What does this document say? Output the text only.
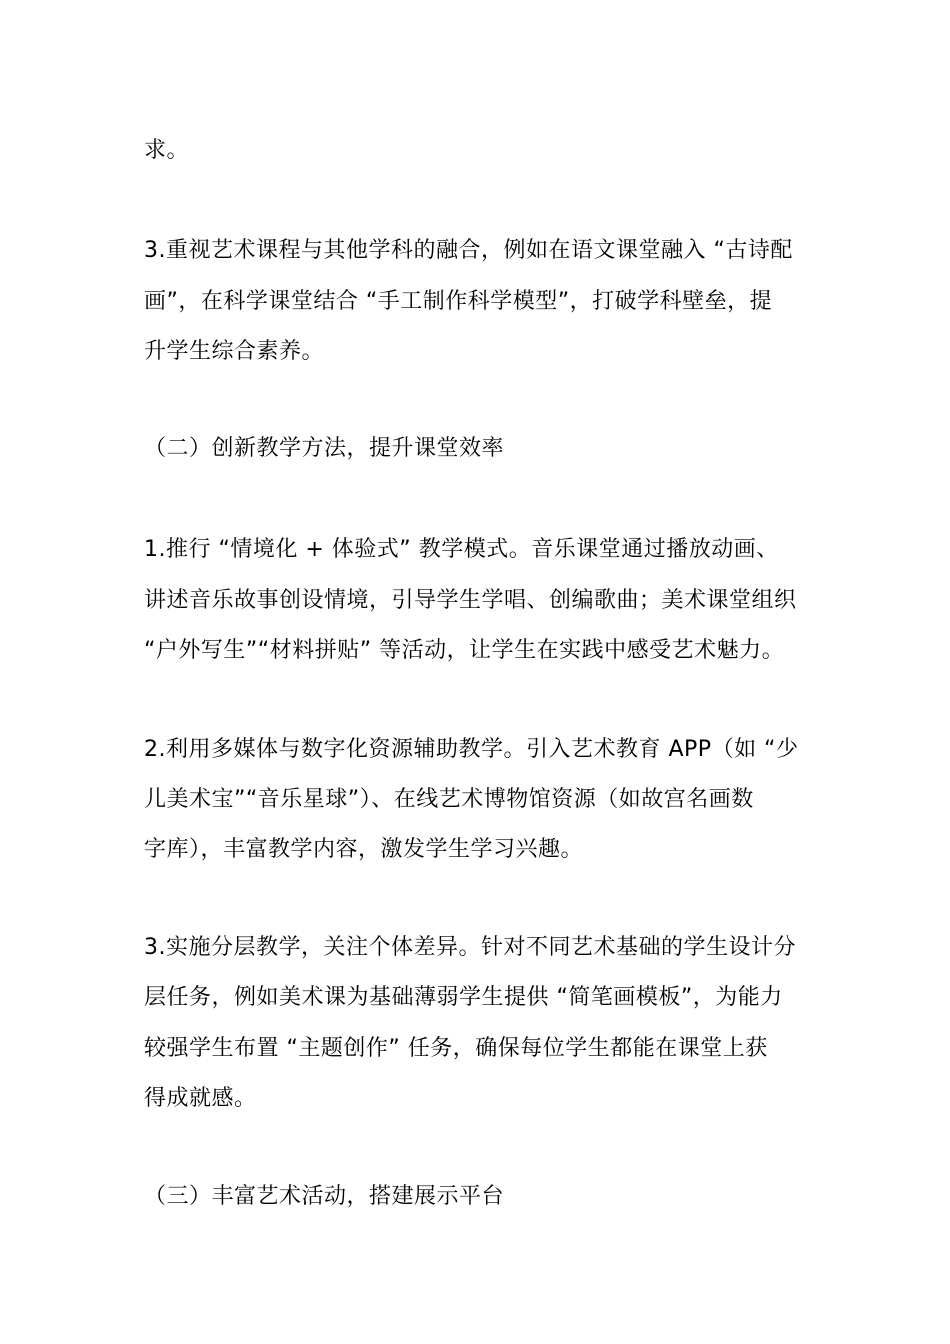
求。
3.重视艺术课程与其他学科的融合，例如在语文课堂融入 “古诗配
画”，在科学课堂结合 “手工制作科学模型”，打破学科壁垒，提
升学生综合素养。
（二）创新教学方法，提升课堂效率
1.推行 “情境化 + 体验式” 教学模式。音乐课堂通过播放动画、
讲述音乐故事创设情境，引导学生学唱、创编歌曲；美术课堂组织
“户外写生”“材料拼贴” 等活动，让学生在实践中感受艺术魅力。
2.利用多媒体与数字化资源辅助教学。引入艺术教育 APP（如 “少
儿美术宝”“音乐星球”）、在线艺术博物馆资源（如故宫名画数
字库），丰富教学内容，激发学生学习兴趣。
3.实施分层教学，关注个体差异。针对不同艺术基础的学生设计分
层任务，例如美术课为基础薄弱学生提供 “简笔画模板”，为能力
较强学生布置 “主题创作” 任务，确保每位学生都能在课堂上获
得成就感。
（三）丰富艺术活动，搭建展示平台
